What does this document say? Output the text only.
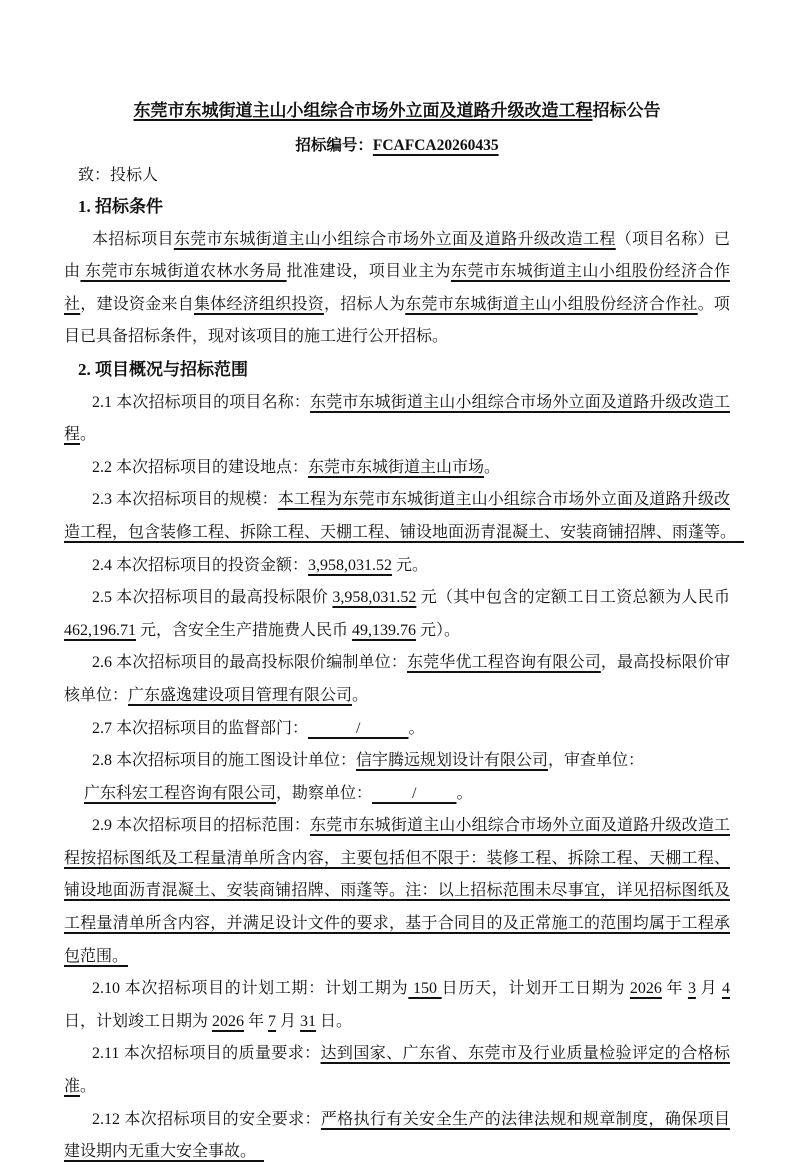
东莞市东城街道主山小组综合市场外立面及道路升级改造工程招标公告
招标编号：FCAFCA20260435
致：投标人
1. 招标条件

本招标项目东莞市东城街道主山小组综合市场外立面及道路升级改造工程（项目名称）已由 东莞市东城街道农林水务局 批准建设，项目业主为东莞市东城街道主山小组股份经济合作社，建设资金来自集体经济组织投资，招标人为东莞市东城街道主山小组股份经济合作社。项目已具备招标条件，现对该项目的施工进行公开招标。

2. 项目概况与招标范围

2.1 本次招标项目的项目名称：东莞市东城街道主山小组综合市场外立面及道路升级改造工程。

2.2 本次招标项目的建设地点：东莞市东城街道主山市场。

2.3 本次招标项目的规模：本工程为东莞市东城街道主山小组综合市场外立面及道路升级改造工程，包含装修工程、拆除工程、天棚工程、铺设地面沥青混凝土、安装商铺招牌、雨蓬等。　

2.4 本次招标项目的投资金额：3,958,031.52 元。

2.5 本次招标项目的最高投标限价 3,958,031.52 元（其中包含的定额工日工资总额为人民币 462,196.71 元，含安全生产措施费人民币 49,139.76 元）。

2.6 本次招标项目的最高投标限价编制单位：东莞华优工程咨询有限公司，最高投标限价审核单位：广东盛逸建设项目管理有限公司。

2.7 本次招标项目的监督部门：            /            。

2.8 本次招标项目的施工图设计单位：信宇腾远规划设计有限公司，审查单位：
　 广东科宏工程咨询有限公司，勘察单位：          /          。

2.9 本次招标项目的招标范围：东莞市东城街道主山小组综合市场外立面及道路升级改造工程按招标图纸及工程量清单所含内容，主要包括但不限于：装修工程、拆除工程、天棚工程、铺设地面沥青混凝土、安装商铺招牌、雨蓬等。注：以上招标范围未尽事宜，详见招标图纸及工程量清单所含内容，并满足设计文件的要求，基于合同目的及正常施工的范围均属于工程承包范围。

2.10 本次招标项目的计划工期：计划工期为 150 日历天，计划开工日期为 2026 年 3 月 4 日，计划竣工日期为 2026 年 7 月 31 日。

2.11 本次招标项目的质量要求：达到国家、广东省、东莞市及行业质量检验评定的合格标准。

2.12 本次招标项目的安全要求：严格执行有关安全生产的法律法规和规章制度，确保项目建设期内无重大安全事故。　
